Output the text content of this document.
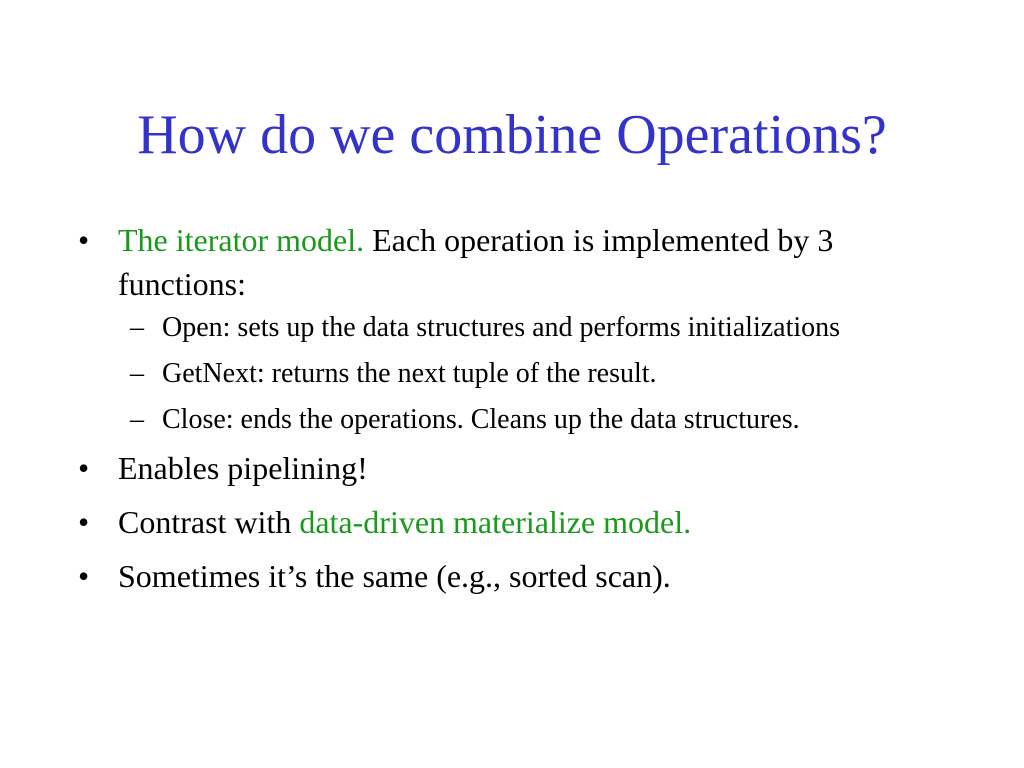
How do we combine Operations?
• The iterator model. Each operation is implemented by 3 functions:
– Open: sets up the data structures and performs initializations
– GetNext: returns the next tuple of the result.
– Close: ends the operations. Cleans up the data structures.
• Enables pipelining!
• Contrast with data-driven materialize model.
• Sometimes it’s the same (e.g., sorted scan).
